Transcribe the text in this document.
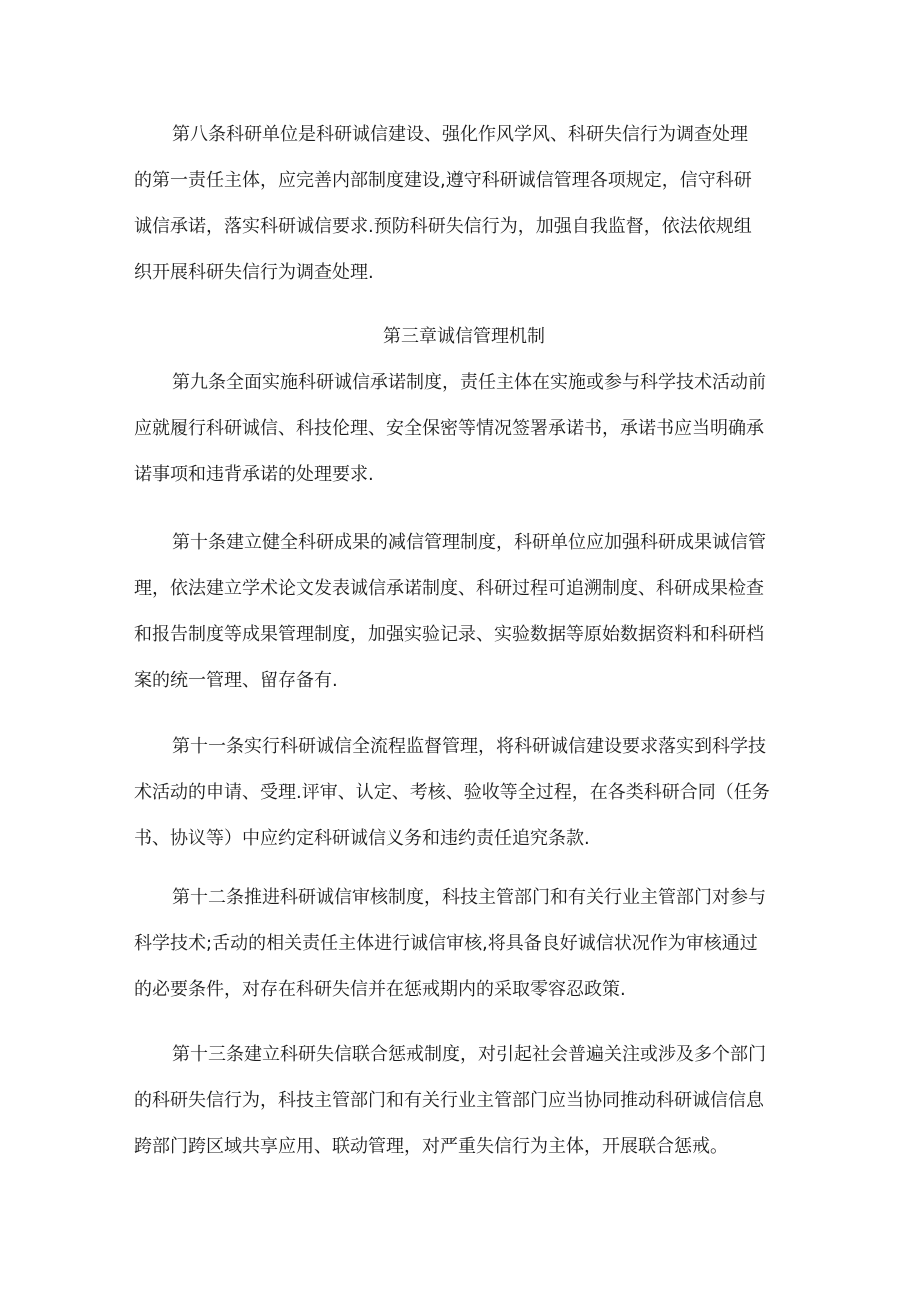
第八条科研单位是科研诚信建设、强化作风学风、科研失信行为调查处理
的第一责任主体，应完善内部制度建设,遵守科研诚信管理各项规定，信守科研
诚信承诺，落实科研诚信要求.预防科研失信行为，加强自我监督，依法依规组
织开展科研失信行为调查处理.
第三章诚信管理机制
第九条全面实施科研诚信承诺制度，责任主体在实施或参与科学技术活动前
应就履行科研诚信、科技伦理、安全保密等情况签署承诺书，承诺书应当明确承
诺事项和违背承诺的处理要求.
第十条建立健全科研成果的减信管理制度，科研单位应加强科研成果诚信管
理，依法建立学术论文发表诚信承诺制度、科研过程可追溯制度、科研成果检查
和报告制度等成果管理制度，加强实验记录、实验数据等原始数据资料和科研档
案的统一管理、留存备有.
第十一条实行科研诚信全流程监督管理，将科研诚信建设要求落实到科学技
术活动的申请、受理.评审、认定、考核、验收等全过程，在各类科研合同（任务
书、协议等）中应约定科研诚信义务和违约责任追究条款.
第十二条推进科研诚信审核制度，科技主管部门和有关行业主管部门对参与
科学技术;舌动的相关责任主体进行诚信审核,将具备良好诚信状况作为审核通过
的必要条件，对存在科研失信并在惩戒期内的采取零容忍政策.
第十三条建立科研失信联合惩戒制度，对引起社会普遍关注或涉及多个部门
的科研失信行为，科技主管部门和有关行业主管部门应当协同推动科研诚信信息
跨部门跨区域共享应用、联动管理，对严重失信行为主体，开展联合惩戒。
